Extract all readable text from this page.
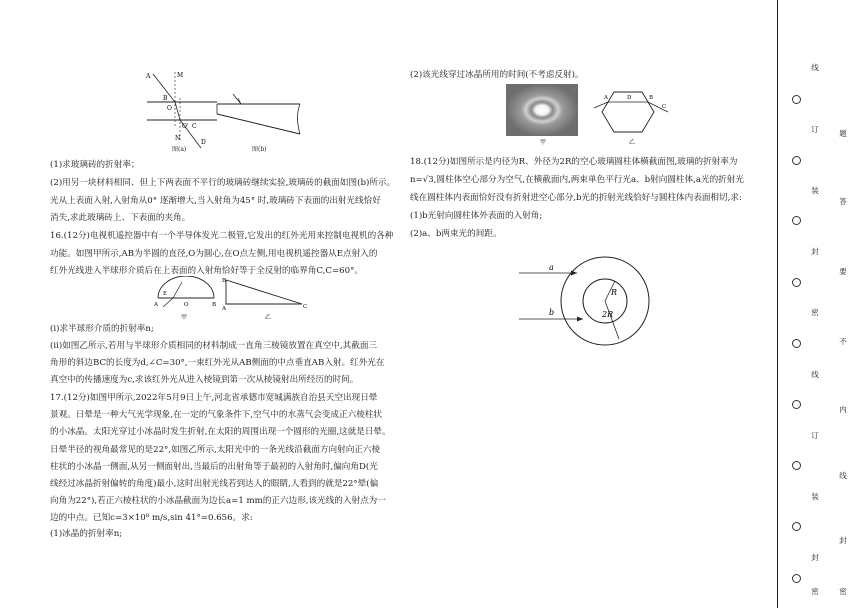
A	M
B
O
O' C
N
D
图(a)	图(b)
(1)求玻璃砖的折射率；
(2)用另一块材料相同、但上下两表面不平行的玻璃砖继续实验,玻璃砖的截面如图(b)所示。
光从上表面入射,入射角从0° 逐渐增大,当入射角为45° 时,玻璃砖下表面的出射光线恰好
消失,求此玻璃砖上、下表面的夹角。
16.(12分)电视机遥控器中有一个半导体发光二极管,它发出的红外光用来控制电视机的各种
功能。如图甲所示,AB为半圆的直径,O为圆心,在O点左侧,用电视机遥控器从E点射入的
红外光线进入半球形介质后在上表面的入射角恰好等于全反射的临界角C,C=60°。
A
E
O	B
B
A	C
甲	乙
(i)求半球形介质的折射率n;
(ii)如图乙所示,若用与半球形介质相同的材料制成一直角三棱镜放置在真空中,其截面三
角形的斜边BC的长度为d,∠C=30°,一束红外光从AB侧面的中点垂直AB入射。红外光在
真空中的传播速度为c,求该红外光从进入棱镜到第一次从棱镜射出所经历的时间。
17.(12分)如图甲所示,2022年5月9日上午,河北省承德市宽城满族自治县天空出现日晕
景观。日晕是一种大气光学现象,在一定的气象条件下,空气中的水蒸气会变成正六棱柱状
的小冰晶。太阳光穿过小冰晶时发生折射,在太阳的周围出现一个圆形的光圈,这就是日晕。
日晕半径的视角最常见的是22°,如图乙所示,太阳光中的一条光线沿截面方向射向正六棱
柱状的小冰晶一侧面,从另一侧面射出,当最后的出射角等于最初的入射角时,偏向角D(光
线经过冰晶折射偏转的角度)最小,这时出射光线若到达人的眼睛,人看到的就是22°晕(偏
向角为22°),若正六棱柱状的小冰晶截面为边长a=1 mm的正六边形,该光线的入射点为一
边的中点。已知c=3×10⁸ m/s,sin 41°=0.656。求:
(1)冰晶的折射率n;
(2)该光线穿过冰晶所用的时间(不考虑反射)。
甲
A	D	B
C
乙
18.(12分)如图所示是内径为R、外径为2R的空心玻璃圆柱体横截面图,玻璃的折射率为
n=√3,圆柱体空心部分为空气,在横截面内,两束单色平行光a、b射向圆柱体,a光的折射光
线在圆柱体内表面恰好没有折射进空心部分,b光的折射光线恰好与圆柱体内表面相切,求:
(1)b光射向圆柱体外表面的入射角;
(2)a、b两束光的间距。
a
b
R
2R
线
订
装
封
密
线
订
装
封
密
题
答
要
不
内
线
封
密
